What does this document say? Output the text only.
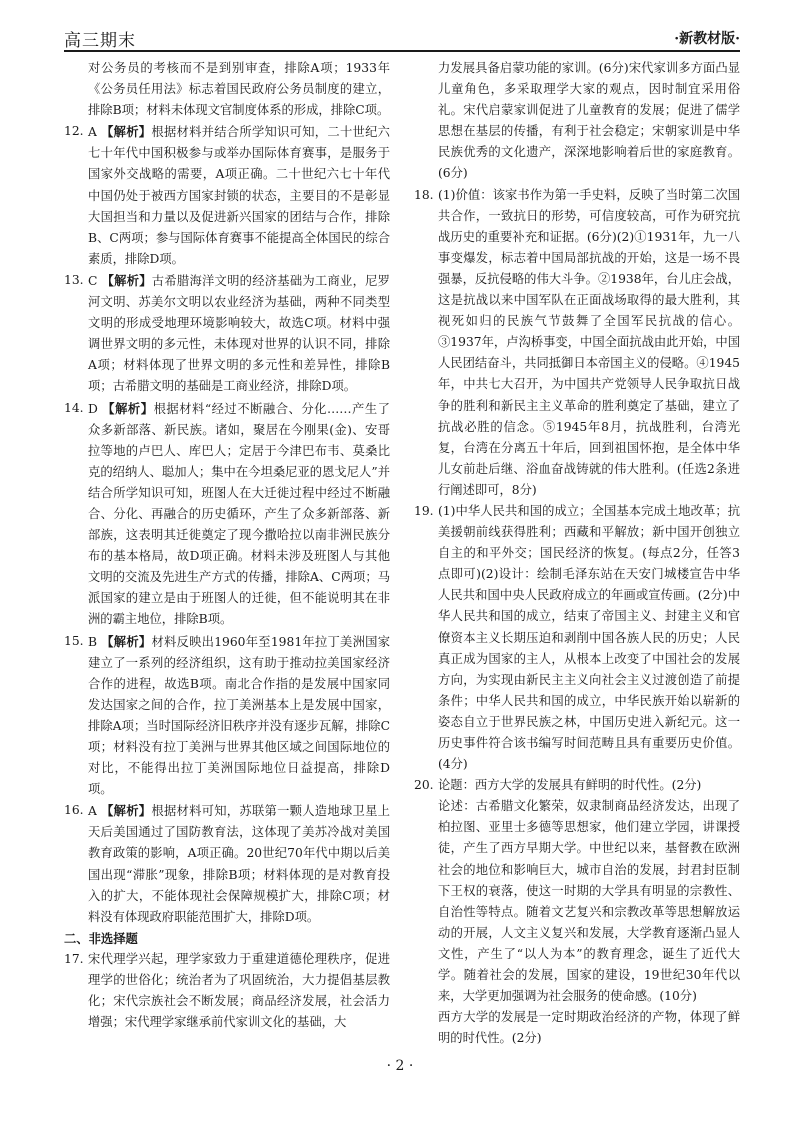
高三期末	·新教材版·
对公务员的考核而不是到别审查，排除A项；1933年《公务员任用法》标志着国民政府公务员制度的建立，排除B项；材料未体现文官制度体系的形成，排除C项。
12. A 【解析】根据材料并结合所学知识可知，二十世纪六七十年代中国积极参与或举办国际体育赛事，是服务于国家外交战略的需要，A项正确。二十世纪六七十年代中国仍处于被西方国家封锁的状态，主要目的不是彰显大国担当和力量以及促进新兴国家的团结与合作，排除B、C两项；参与国际体育赛事不能提高全体国民的综合素质，排除D项。
13. C 【解析】古希腊海洋文明的经济基础为工商业，尼罗河文明、苏美尔文明以农业经济为基础，两种不同类型文明的形成受地理环境影响较大，故选C项。材料中强调世界文明的多元性，未体现对世界的认识不同，排除A项；材料体现了世界文明的多元性和差异性，排除B项；古希腊文明的基础是工商业经济，排除D项。
14. D 【解析】根据材料“经过不断融合、分化……产生了众多新部落、新民族。诸如，聚居在今刚果(金)、安哥拉等地的卢巴人、库巴人；定居于今津巴布韦、莫桑比克的绍纳人、聪加人；集中在今坦桑尼亚的恩戈尼人”并结合所学知识可知，班图人在大迁徙过程中经过不断融合、分化、再融合的历史循环，产生了众多新部落、新部族，这表明其迁徙奠定了现今撒哈拉以南非洲民族分布的基本格局，故D项正确。材料未涉及班图人与其他文明的交流及先进生产方式的传播，排除A、C两项；马派国家的建立是由于班图人的迁徙，但不能说明其在非洲的霸主地位，排除B项。
15. B 【解析】材料反映出1960年至1981年拉丁美洲国家建立了一系列的经济组织，这有助于推动拉美国家经济合作的进程，故选B项。南北合作指的是发展中国家同发达国家之间的合作，拉丁美洲基本上是发展中国家，排除A项；当时国际经济旧秩序并没有逐步瓦解，排除C项；材料没有拉丁美洲与世界其他区域之间国际地位的对比，不能得出拉丁美洲国际地位日益提高，排除D项。
16. A 【解析】根据材料可知，苏联第一颗人造地球卫星上天后美国通过了国防教育法，这体现了美苏冷战对美国教育政策的影响，A项正确。20世纪70年代中期以后美国出现“滞胀”现象，排除B项；材料体现的是对教育投入的扩大，不能体现社会保障规模扩大，排除C项；材料没有体现政府职能范围扩大，排除D项。
二、非选择题
17. 宋代理学兴起，理学家致力于重建道德伦理秩序，促进理学的世俗化；统治者为了巩固统治，大力提倡基层教化；宋代宗族社会不断发展；商品经济发展，社会活力增强；宋代理学家继承前代家训文化的基础，大
力发展具备启蒙功能的家训。(6分)宋代家训多方面凸显儿童角色，多采取理学大家的观点，因时制宜采用俗礼。宋代启蒙家训促进了儿童教育的发展；促进了儒学思想在基层的传播，有利于社会稳定；宋朝家训是中华民族优秀的文化遗产，深深地影响着后世的家庭教育。(6分)
18. (1)价值：该家书作为第一手史料，反映了当时第二次国共合作，一致抗日的形势，可信度较高，可作为研究抗战历史的重要补充和证据。(6分)(2)①1931年，九一八事变爆发，标志着中国局部抗战的开始，这是一场不畏强暴，反抗侵略的伟大斗争。②1938年，台儿庄会战，这是抗战以来中国军队在正面战场取得的最大胜利，其视死如归的民族气节鼓舞了全国军民抗战的信心。③1937年，卢沟桥事变，中国全面抗战由此开始，中国人民团结奋斗，共同抵御日本帝国主义的侵略。④1945年，中共七大召开，为中国共产党领导人民争取抗日战争的胜利和新民主主义革命的胜利奠定了基础，建立了抗战必胜的信念。⑤1945年8月，抗战胜利，台湾光复，台湾在分离五十年后，回到祖国怀抱，是全体中华儿女前赴后继、浴血奋战铸就的伟大胜利。(任选2条进行阐述即可，8分)
19. (1)中华人民共和国的成立；全国基本完成土地改革；抗美援朝前线获得胜利；西藏和平解放；新中国开创独立自主的和平外交；国民经济的恢复。(每点2分，任答3点即可)(2)设计：绘制毛泽东站在天安门城楼宣告中华人民共和国中央人民政府成立的年画或宣传画。(2分)中华人民共和国的成立，结束了帝国主义、封建主义和官僚资本主义长期压迫和剥削中国各族人民的历史；人民真正成为国家的主人，从根本上改变了中国社会的发展方向，为实现由新民主主义向社会主义过渡创造了前提条件；中华人民共和国的成立，中华民族开始以崭新的姿态自立于世界民族之林，中国历史进入新纪元。这一历史事件符合该书编写时间范畴且具有重要历史价值。(4分)
20. 论题：西方大学的发展具有鲜明的时代性。(2分)
论述：古希腊文化繁荣，奴隶制商品经济发达，出现了柏拉图、亚里士多德等思想家，他们建立学园，讲课授徒，产生了西方早期大学。中世纪以来，基督教在欧洲社会的地位和影响巨大，城市自治的发展，封君封臣制下王权的衰落，使这一时期的大学具有明显的宗教性、自治性等特点。随着文艺复兴和宗教改革等思想解放运动的开展，人文主义复兴和发展，大学教育逐渐凸显人文性，产生了“以人为本”的教育理念，诞生了近代大学。随着社会的发展，国家的建设，19世纪30年代以来，大学更加强调为社会服务的使命感。(10分)
西方大学的发展是一定时期政治经济的产物，体现了鲜明的时代性。(2分)
· 2 ·
